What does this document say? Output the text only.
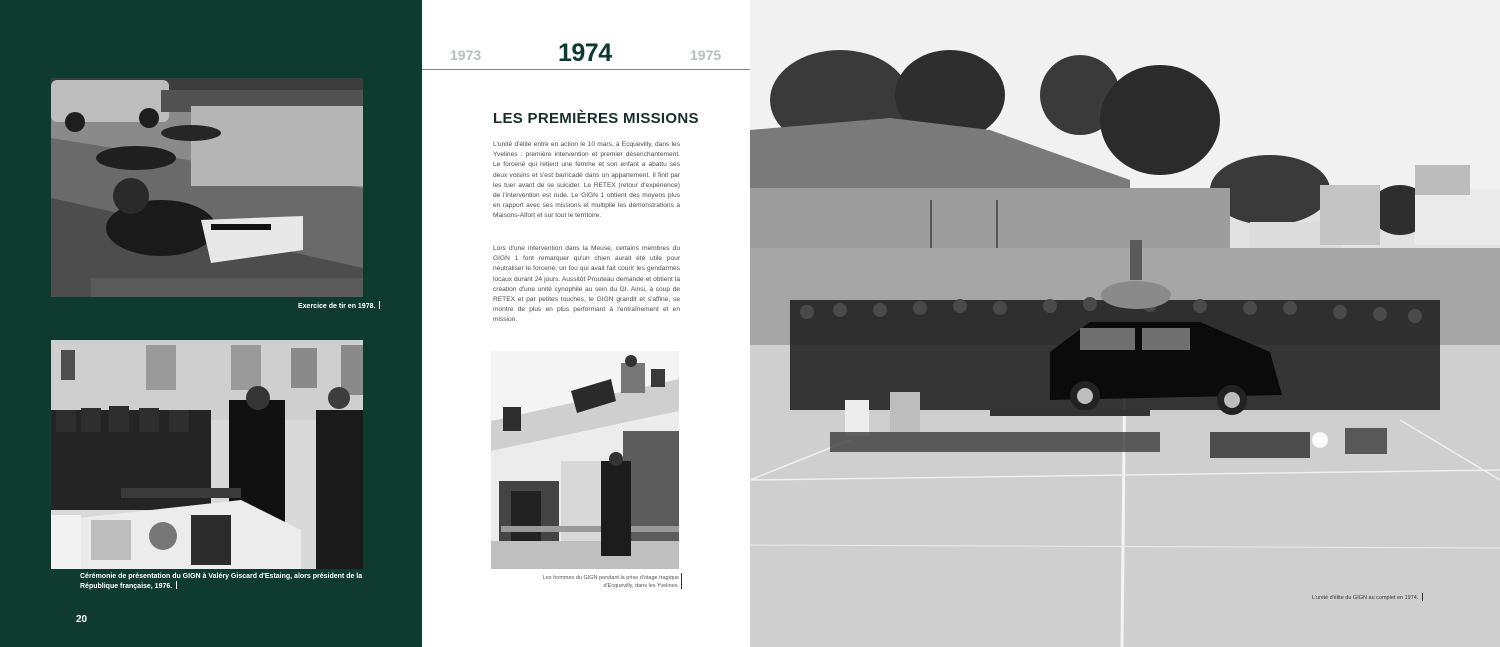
Exercice de tir en 1978.
Cérémonie de présentation du GIGN à Valéry Giscard d'Estaing, alors président de la République française, 1976.
20
1973	1974	1975
LES PREMIÈRES MISSIONS

L'unité d'élite entre en action le 10 mars, à Ecquevilly, dans les Yvelines : première intervention et premier désenchantement. Le forcené qui retient une femme et son enfant a abattu ses deux voisins et s'est barricadé dans un appartement. Il finit par les tuer avant de se suicider. Le RETEX (retour d'expérience) de l'intervention est rude. Le GIGN 1 obtient des moyens plus en rapport avec ses missions et multiplie les démonstrations à Maisons-Alfort et sur tout le territoire.

Lors d'une intervention dans la Meuse, certains membres du GIGN 1 font remarquer qu'un chien aurait été utile pour neutraliser le forcené, un fou qui avait fait courir les gendarmes locaux durant 24 jours. Aussitôt Prouteau demande et obtient la création d'une unité cynophile au sein du GI. Ainsi, à coup de RETEX et par petites touches, le GIGN grandit et s'affine, se montre de plus en plus performant à l'entraînement et en mission.

Les hommes du GIGN pendant la prise d'otage tragique d'Ecquevilly, dans les Yvelines.
L'unité d'élite du GIGN au complet en 1974.
